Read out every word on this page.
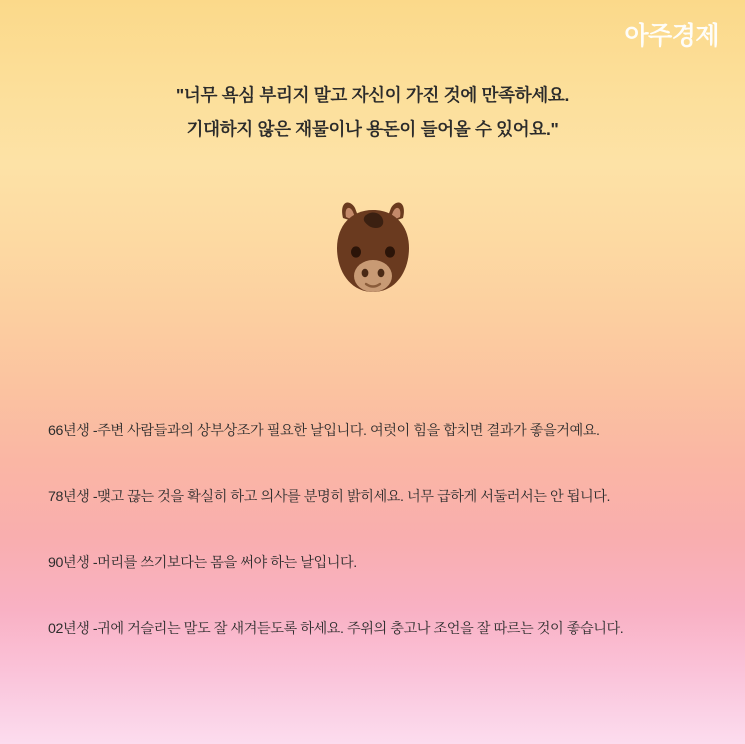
아주경제
"너무 욕심 부리지 말고 자신이 가진 것에 만족하세요.
기대하지 않은 재물이나 용돈이 들어올 수 있어요."
66년생 -주변 사람들과의 상부상조가 필요한 날입니다. 여럿이 힘을 합치면 결과가 좋을거예요.
78년생 -맺고 끊는 것을 확실히 하고 의사를 분명히 밝히세요. 너무 급하게 서둘러서는 안 됩니다.
90년생 -머리를 쓰기보다는 몸을 써야 하는 날입니다.
02년생 -귀에 거슬리는 말도 잘 새겨듣도록 하세요. 주위의 충고나 조언을 잘 따르는 것이 좋습니다.
